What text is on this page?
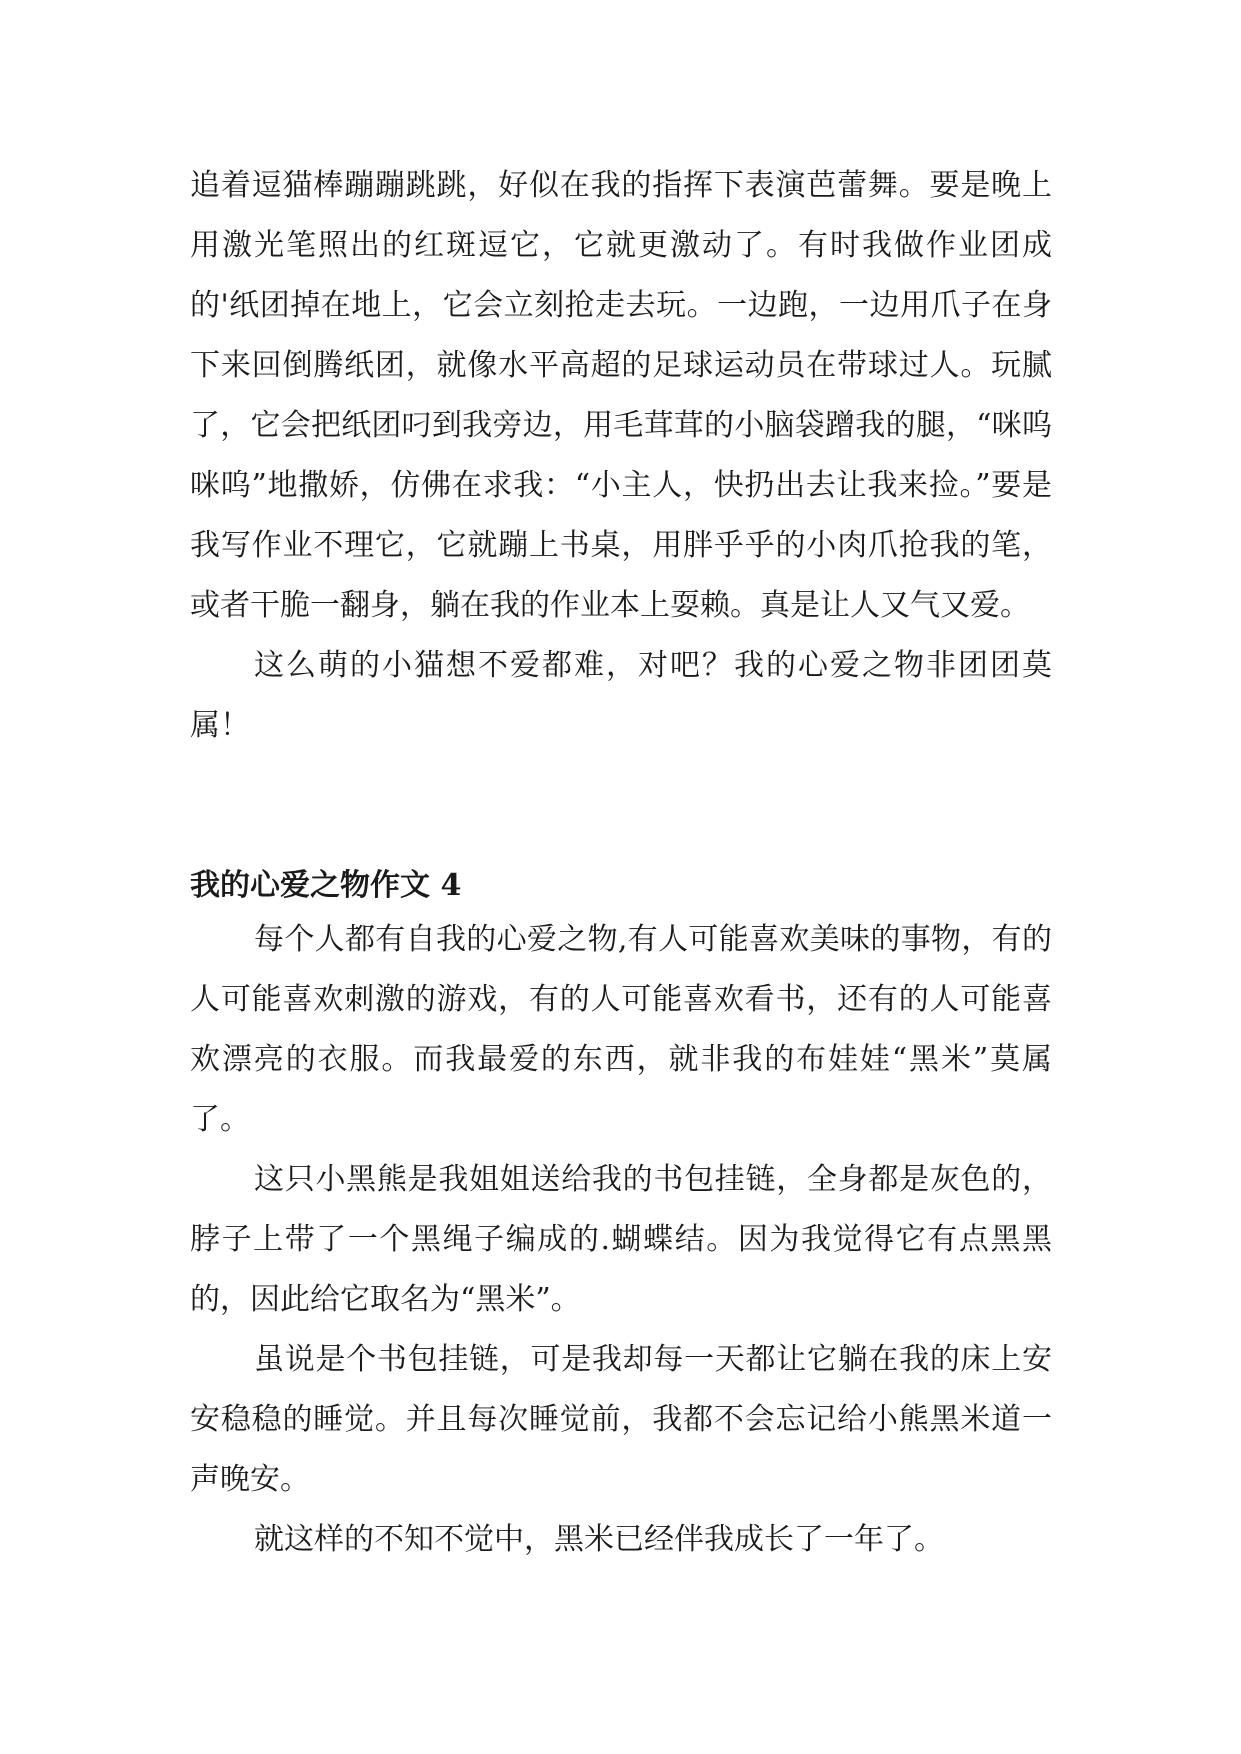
追着逗猫棒蹦蹦跳跳，好似在我的指挥下表演芭蕾舞。要是晚上用激光笔照出的红斑逗它，它就更激动了。有时我做作业团成的'纸团掉在地上，它会立刻抢走去玩。一边跑，一边用爪子在身下来回倒腾纸团，就像水平高超的足球运动员在带球过人。玩腻了，它会把纸团叼到我旁边，用毛茸茸的小脑袋蹭我的腿，“咪呜咪呜”地撒娇，仿佛在求我：“小主人，快扔出去让我来捡。”要是我写作业不理它，它就蹦上书桌，用胖乎乎的小肉爪抢我的笔，或者干脆一翻身，躺在我的作业本上耍赖。真是让人又气又爱。

这么萌的小猫想不爱都难，对吧？我的心爱之物非团团莫属！

我的心爱之物作文 4

每个人都有自我的心爱之物,有人可能喜欢美味的事物，有的人可能喜欢刺激的游戏，有的人可能喜欢看书，还有的人可能喜欢漂亮的衣服。而我最爱的东西，就非我的布娃娃“黑米”莫属了。

这只小黑熊是我姐姐送给我的书包挂链，全身都是灰色的，脖子上带了一个黑绳子编成的.蝴蝶结。因为我觉得它有点黑黑的，因此给它取名为“黑米”。

虽说是个书包挂链，可是我却每一天都让它躺在我的床上安安稳稳的睡觉。并且每次睡觉前，我都不会忘记给小熊黑米道一声晚安。

就这样的不知不觉中，黑米已经伴我成长了一年了。
